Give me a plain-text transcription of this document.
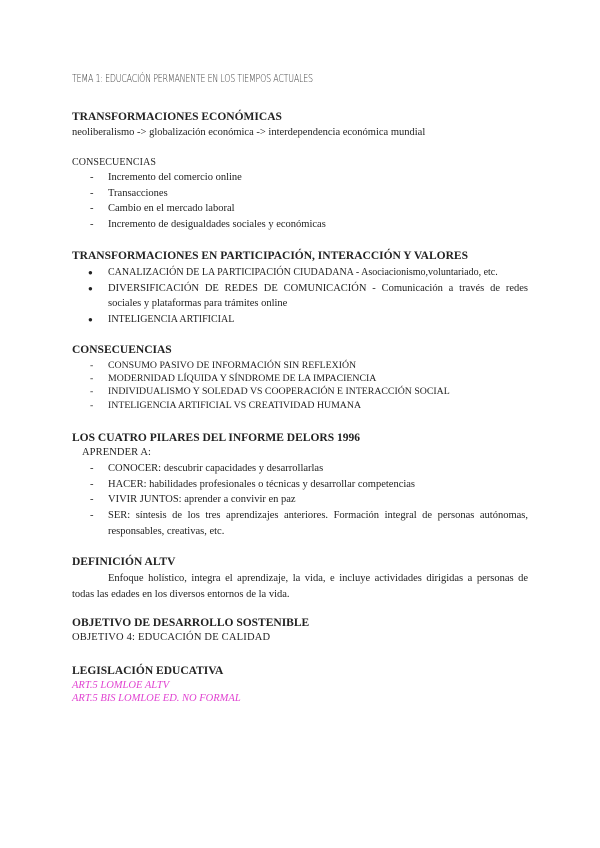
TEMA 1: EDUCACIÓN PERMANENTE EN LOS TIEMPOS ACTUALES
TRANSFORMACIONES ECONÓMICAS
neoliberalismo -> globalización económica -> interdependencia económica mundial
CONSECUENCIAS
- Incremento del comercio online
- Transacciones
- Cambio en el mercado laboral
- Incremento de desigualdades sociales y económicas
TRANSFORMACIONES EN PARTICIPACIÓN, INTERACCIÓN Y VALORES
● CANALIZACIÓN DE LA PARTICIPACIÓN CIUDADANA - Asociacionismo,voluntariado, etc.
● DIVERSIFICACIÓN DE REDES DE COMUNICACIÓN - Comunicación a través de redes sociales y plataformas para trámites online
● INTELIGENCIA ARTIFICIAL
CONSECUENCIAS
- CONSUMO PASIVO DE INFORMACIÓN SIN REFLEXIÓN
- MODERNIDAD LÍQUIDA Y SÍNDROME DE LA IMPACIENCIA
- INDIVIDUALISMO Y SOLEDAD VS COOPERACIÓN E INTERACCIÓN SOCIAL
- INTELIGENCIA ARTIFICIAL VS CREATIVIDAD HUMANA
LOS CUATRO PILARES DEL INFORME DELORS 1996
APRENDER A:
- CONOCER: descubrir capacidades y desarrollarlas
- HACER: habilidades profesionales o técnicas y desarrollar competencias
- VIVIR JUNTOS: aprender a convivir en paz
- SER: síntesis de los tres aprendizajes anteriores. Formación integral de personas autónomas, responsables, creativas, etc.
DEFINICIÓN ALTV
Enfoque holístico, integra el aprendizaje, la vida, e incluye actividades dirigidas a personas de todas las edades en los diversos entornos de la vida.
OBJETIVO DE DESARROLLO SOSTENIBLE
OBJETIVO 4: EDUCACIÓN DE CALIDAD
LEGISLACIÓN EDUCATIVA
ART.5 LOMLOE ALTV
ART.5 BIS LOMLOE ED. NO FORMAL
